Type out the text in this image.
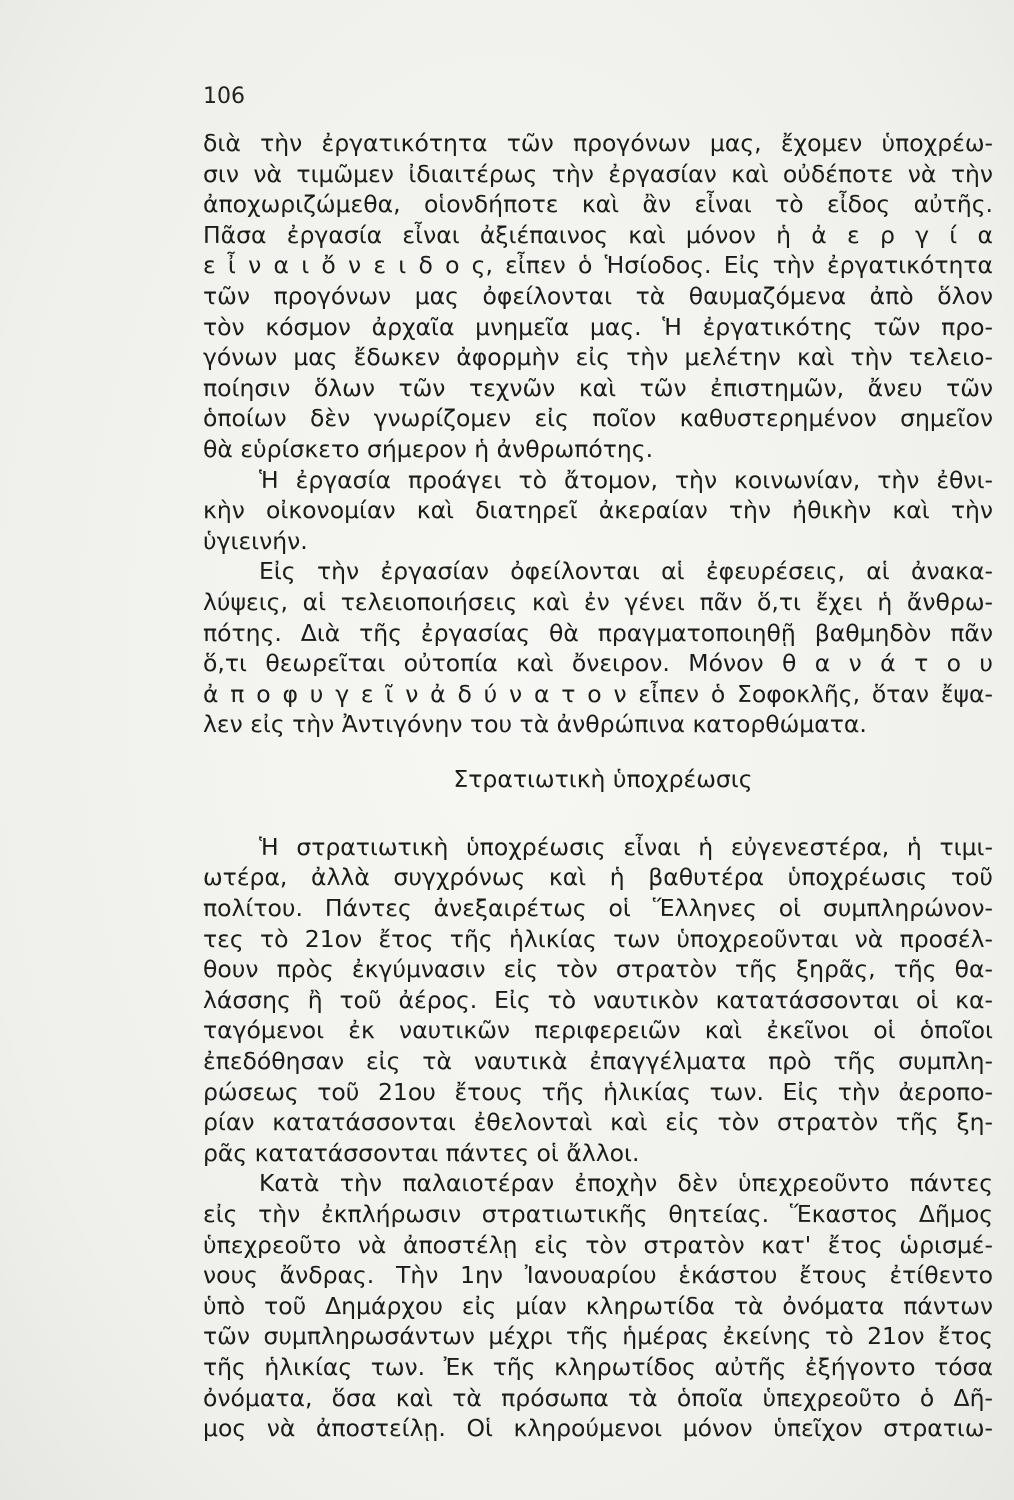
106
διὰ τὴν ἐργατικότητα τῶν προγόνων μας, ἔχομεν ὑποχρέω-
σιν νὰ τιμῶμεν ἰδιαιτέρως τὴν ἐργασίαν καὶ οὐδέποτε νὰ τὴν
ἀποχωριζώμεθα, οἱονδήποτε καὶ ἂν εἶναι τὸ εἶδος αὐτῆς.
Πᾶσα ἐργασία εἶναι ἀξιέπαινος καὶ μόνον ἡ ἀ ε ρ γ ί α
ε ἶ ν α ι ὄ ν ε ι δ ο ς, εἶπεν ὁ Ἡσίοδος. Εἰς τὴν ἐργατικότητα
τῶν προγόνων μας ὀφείλονται τὰ θαυμαζόμενα ἀπὸ ὅλον
τὸν κόσμον ἀρχαῖα μνημεῖα μας. Ἡ ἐργατικότης τῶν προ-
γόνων μας ἔδωκεν ἀφορμὴν εἰς τὴν μελέτην καὶ τὴν τελειο-
ποίησιν ὅλων τῶν τεχνῶν καὶ τῶν ἐπιστημῶν, ἄνευ τῶν
ὁποίων δὲν γνωρίζομεν εἰς ποῖον καθυστερημένον σημεῖον
θὰ εὑρίσκετο σήμερον ἡ ἀνθρωπότης.
Ἡ ἐργασία προάγει τὸ ἄτομον, τὴν κοινωνίαν, τὴν ἐθνι-
κὴν οἰκονομίαν καὶ διατηρεῖ ἀκεραίαν τὴν ἠθικὴν καὶ τὴν
ὑγιεινήν.
Εἰς τὴν ἐργασίαν ὀφείλονται αἱ ἐφευρέσεις, αἱ ἀνακα-
λύψεις, αἱ τελειοποιήσεις καὶ ἐν γένει πᾶν ὅ,τι ἔχει ἡ ἄνθρω-
πότης. Διὰ τῆς ἐργασίας θὰ πραγματοποιηθῇ βαθμηδὸν πᾶν
ὅ,τι θεωρεῖται οὐτοπία καὶ ὄνειρον. Μόνον θ α ν ά τ ο υ
ἀ π ο φ υ γ ε ῖ ν ἀ δ ύ ν α τ ο ν εἶπεν ὁ Σοφοκλῆς, ὅταν ἔψα-
λεν εἰς τὴν Ἀντιγόνην του τὰ ἀνθρώπινα κατορθώματα.
Στρατιωτικὴ ὑποχρέωσις
Ἡ στρατιωτικὴ ὑποχρέωσις εἶναι ἡ εὐγενεστέρα, ἡ τιμι-
ωτέρα, ἀλλὰ συγχρόνως καὶ ἡ βαθυτέρα ὑποχρέωσις τοῦ
πολίτου. Πάντες ἀνεξαιρέτως οἱ Ἕλληνες οἱ συμπληρώνον-
τες τὸ 21ον ἔτος τῆς ἡλικίας των ὑποχρεοῦνται νὰ προσέλ-
θουν πρὸς ἐκγύμνασιν εἰς τὸν στρατὸν τῆς ξηρᾶς, τῆς θα-
λάσσης ἢ τοῦ ἀέρος. Εἰς τὸ ναυτικὸν κατατάσσονται οἱ κα-
ταγόμενοι ἐκ ναυτικῶν περιφερειῶν καὶ ἐκεῖνοι οἱ ὁποῖοι
ἐπεδόθησαν εἰς τὰ ναυτικὰ ἐπαγγέλματα πρὸ τῆς συμπλη-
ρώσεως τοῦ 21ου ἔτους τῆς ἡλικίας των. Εἰς τὴν ἀεροπο-
ρίαν κατατάσσονται ἐθελονταὶ καὶ εἰς τὸν στρατὸν τῆς ξη-
ρᾶς κατατάσσονται πάντες οἱ ἄλλοι.
Κατὰ τὴν παλαιοτέραν ἐποχὴν δὲν ὑπεχρεοῦντο πάντες
εἰς τὴν ἐκπλήρωσιν στρατιωτικῆς θητείας. Ἕκαστος Δῆμος
ὑπεχρεοῦτο νὰ ἀποστέλῃ εἰς τὸν στρατὸν κατ' ἔτος ὡρισμέ-
νους ἄνδρας. Τὴν 1ην Ἰανουαρίου ἑκάστου ἔτους ἐτίθεντο
ὑπὸ τοῦ Δημάρχου εἰς μίαν κληρωτίδα τὰ ὀνόματα πάντων
τῶν συμπληρωσάντων μέχρι τῆς ἡμέρας ἐκείνης τὸ 21ον ἔτος
τῆς ἡλικίας των. Ἐκ τῆς κληρωτίδος αὐτῆς ἐξήγοντο τόσα
ὀνόματα, ὅσα καὶ τὰ πρόσωπα τὰ ὁποῖα ὑπεχρεοῦτο ὁ Δῆ-
μος νὰ ἀποστείλῃ. Οἱ κληρούμενοι μόνον ὑπεῖχον στρατιω-
